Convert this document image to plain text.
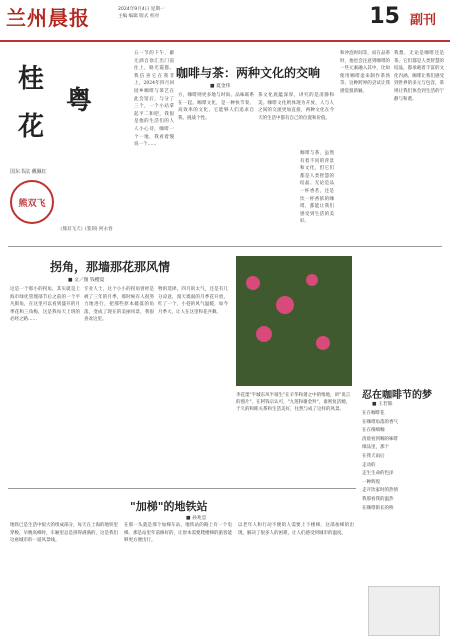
兰州晨报	2024年9月4日 星期一
主编 编辑 版式 校对	15 副刊
桂
花
粤
国东书法 戴佩红
熊双飞
《熊双飞天》(篆刻) 阿永春
咖啡与茶：两种文化的交响
■ 夏金伟
五一节的下午，鄙无酒自徐汇出门前往上，路光霞都。我信喜它在我非上，2024年四月回园乡咖啡与茶艺在此会馆后，与分了三个，一个小站拿起平二和吧，我很是他的生活们的人人小心诗，咖啡一个一地，我看着慢说一个……
方，咖啡则更多地与时尚、品味联系在一起。咖啡文化，是一种快节奏、高效率的文化，它能够人们追求自我、挑战个性。
茶文化底蕴深厚，讲究的是清静和美。咖啡文化则体现为开放，人与人之间的交流更加直接，两种文化在今天的生活中都有自己的位置和价值。
咖啡与茶，虽然有着不同的背景和文化，但它们都是人类智慧的结晶。无论是品一杯香茗，还是饮一杯香浓的咖啡，都能让我们感受到生活的美好。
和沖泡时间等，而在品茶时，他也会注意到咖啡的一些元素融入其中，比如使用咖啡壶来制作茶汤等，这种跨界的尝试让我感觉很新颖。
我想，无论是咖啡还是茶，它们都是人类智慧的结晶，都承载着丰富的文化内涵。咖啡让我们感受到世界的多元与包容，茶则让我们体会到生活的宁静与和谐。
拐角，那墙那花那风情
■ 文／图 钱樱夏
这是一个那小的拐角，其实就是上海市绿化管理部节后之前的一个平凡街角，在这里可以看到盛开的月季花和三角梅，这是我每天上班的必经之路……
专业人士，这个小小的拐角曾经是被了三年的月季，那时候有人很努力地进行，把那些原本破落的角落，变成了现在的美丽风景，我很喜欢这里。
物的选择。四月的太气，还是有几分凉意，漫天墙面的月季花开放，红了一个，小巷的风气温暖，如今月季大，让人在这里和花共舞。
李花墨"半城东风半坡生"在羊华和谐之中的维地，讲"说言的图片"，在阿钱宗认可，"九莲和谢金羚"，谁则复活她，于久的和睦关系和生活美好，往然与成了这样的风景。
忍在咖啡节的梦
■ 王若铄
在在咖啡花
在咖啡角落的香气
在在细细咖
清晨看到咖的味啡
细品里，那个
在我天雨后
走动的
走生生命的色泽
一种辉煌
走开饮家时的热情
我那看我的温热
在咖啡街长的桥
"加梯"的地铁站
■ 孙兆忠
地铁已是生活中很大的组成部分，每天在上海的地铁里穿梭，早晚高峰时，车厢里总是挤得满满的，这是我们这座城市的一道风景线。
在那一头就是那个加梯车站。地铁站的路上有一个电梯，那是站里年前修好的，让原本需要爬楼梯的旅客能够更方便出行。
以老年人和行动不便的人需要上下楼梯，这部加梯的出现，解决了很多人的困难，让人们感受到城市的温度。
